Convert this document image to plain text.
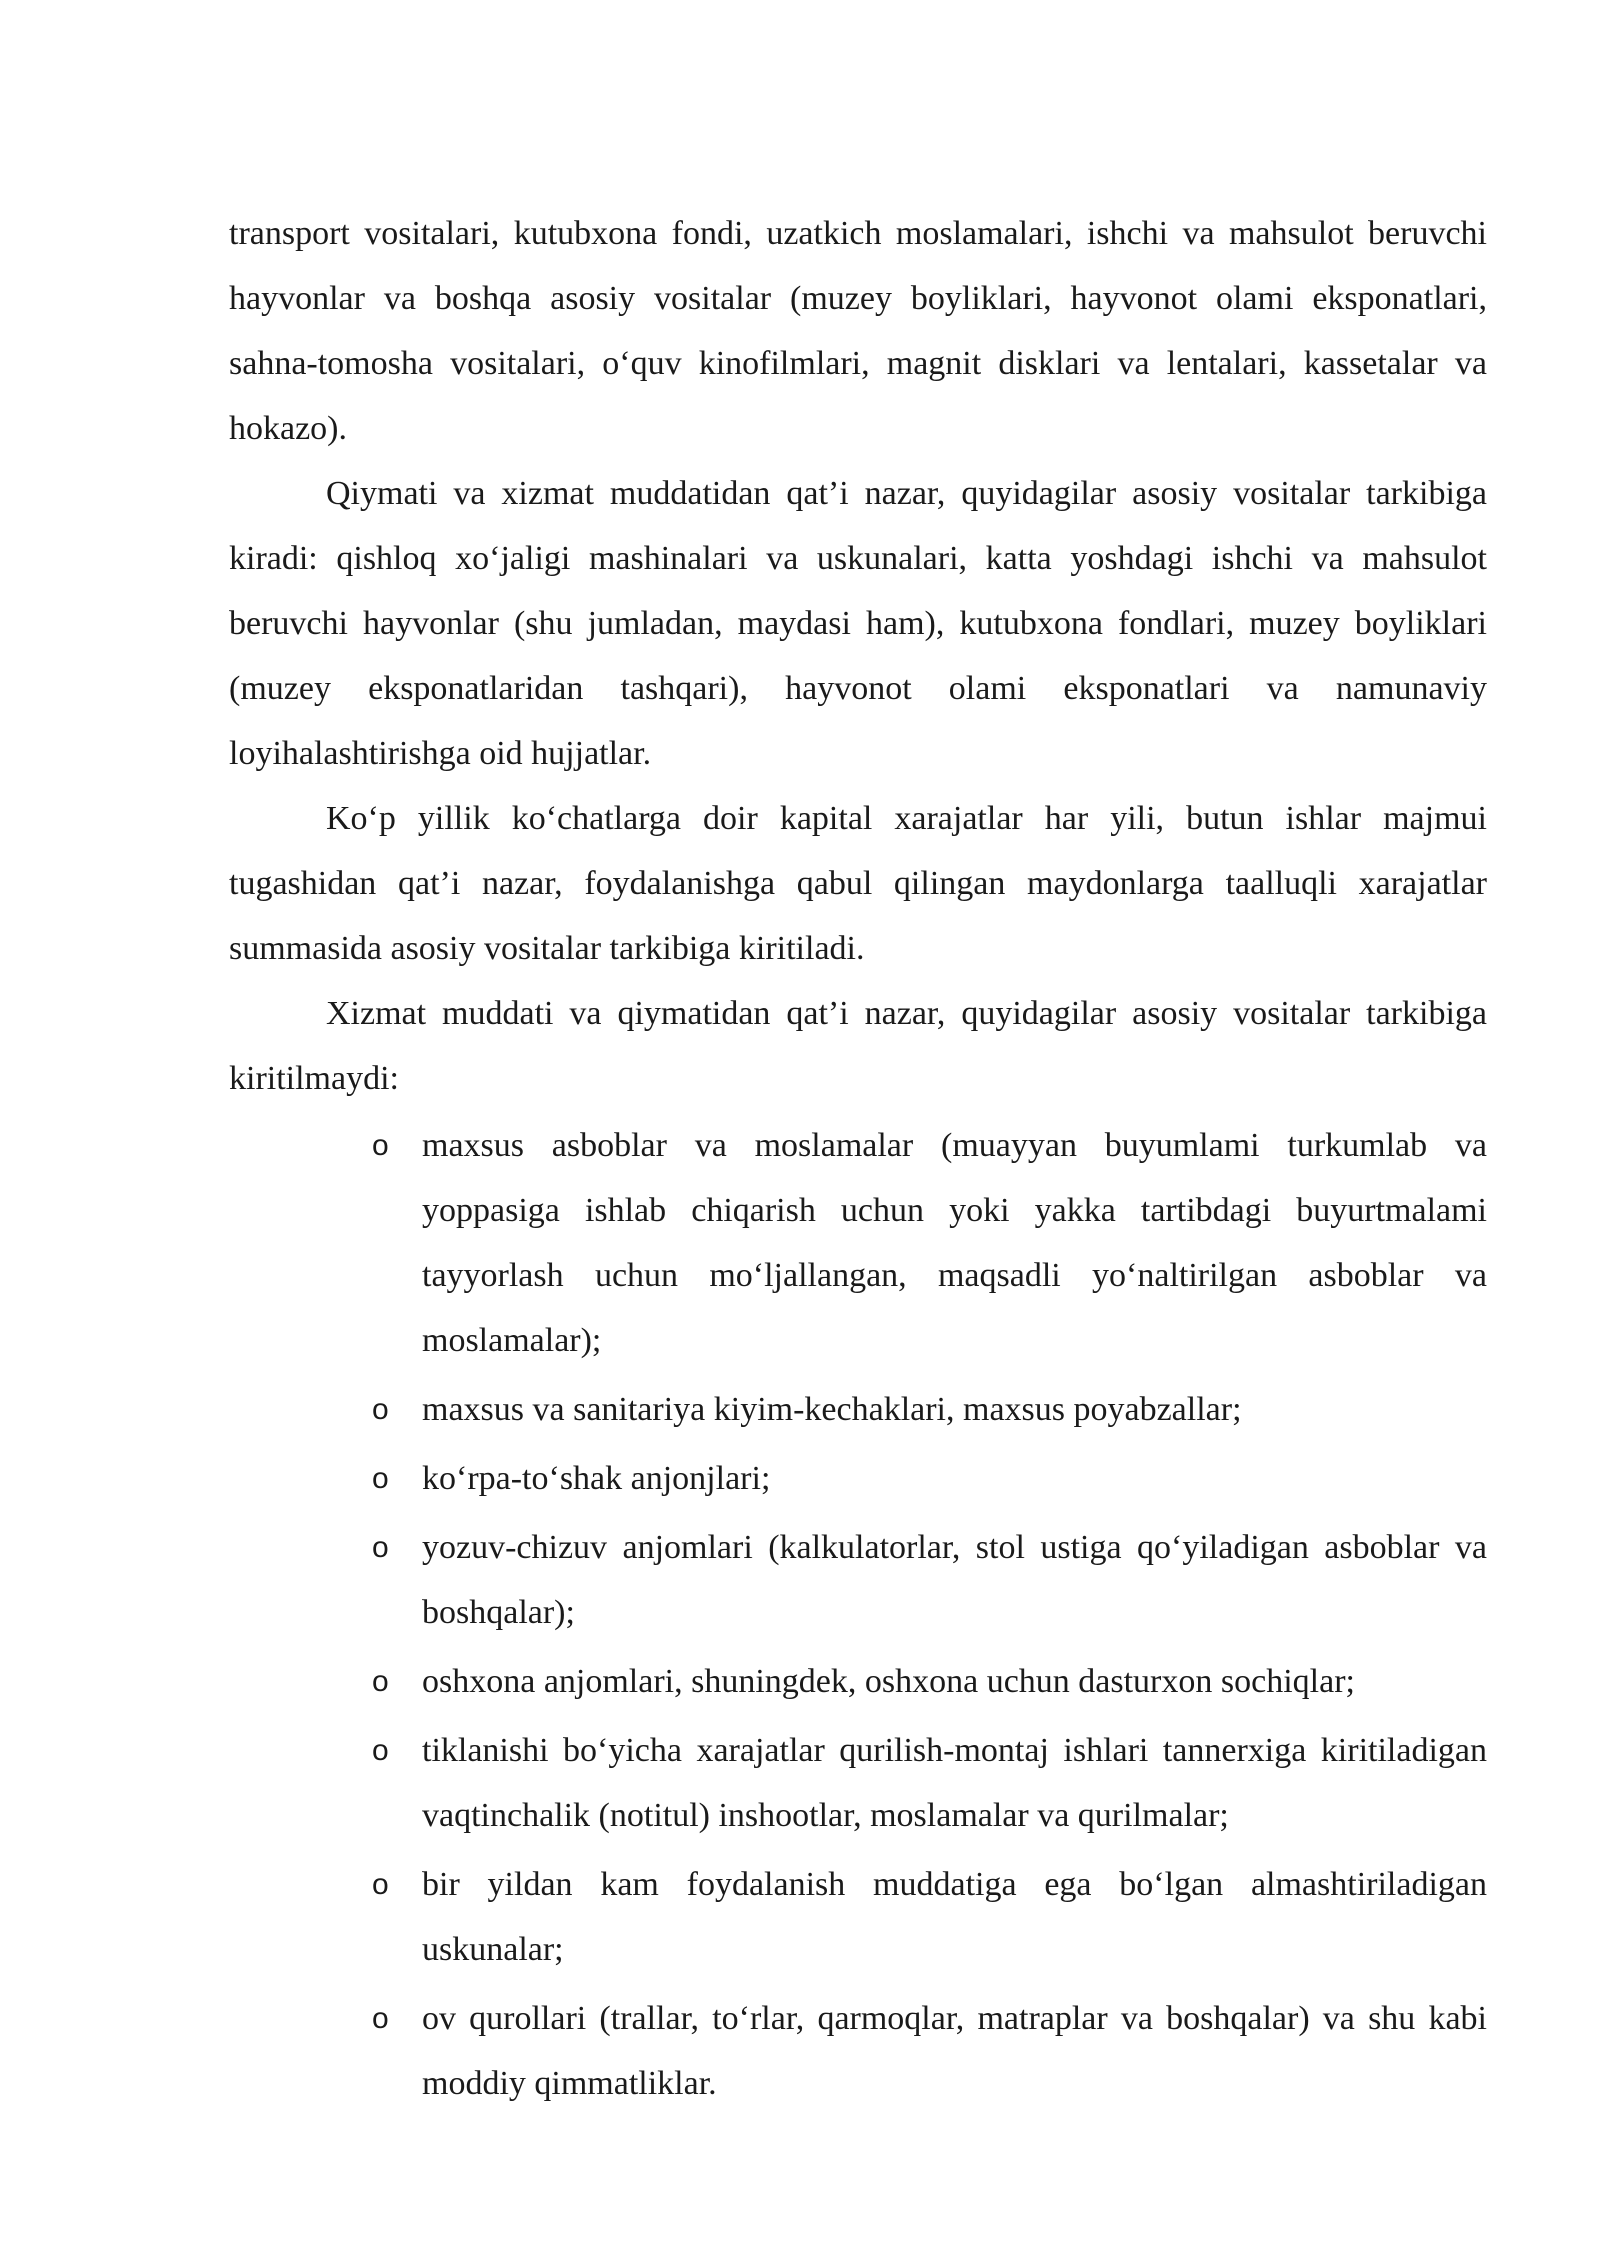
transport vositalari, kutubxona fondi, uzatkich moslamalari, ishchi va mahsulot beruvchi hayvonlar va boshqa asosiy vositalar (muzey boyliklari, hayvonot olami eksponatlari, sahna-tomosha vositalari, o‘quv kinofilmlari, magnit disklari va lentalari, kassetalar va hokazo).

Qiymati va xizmat muddatidan qat’i nazar, quyidagilar asosiy vositalar tarkibiga kiradi: qishloq xo‘jaligi mashinalari va uskunalari, katta yoshdagi ishchi va mahsulot beruvchi hayvonlar (shu jumladan, maydasi ham), kutubxona fondlari, muzey boyliklari (muzey eksponatlaridan tashqari), hayvonot olami eksponatlari va namunaviy loyihalashtirishga oid hujjatlar.

Ko‘p yillik ko‘chatlarga doir kapital xarajatlar har yili, butun ishlar majmui tugashidan qat’i nazar, foydalanishga qabul qilingan maydonlarga taalluqli xarajatlar summasida asosiy vositalar tarkibiga kiritiladi.

Xizmat muddati va qiymatidan qat’i nazar, quyidagilar asosiy vositalar tarkibiga kiritilmaydi:

o maxsus asboblar va moslamalar (muayyan buyumlami turkumlab va yoppasiga ishlab chiqarish uchun yoki yakka tartibdagi buyurtmalami tayyorlash uchun mo‘ljallangan, maqsadli yo‘naltirilgan asboblar va moslamalar);
o maxsus va sanitariya kiyim-kechaklari, maxsus poyabzallar;
o ko‘rpa-to‘shak anjonjlari;
o yozuv-chizuv anjomlari (kalkulatorlar, stol ustiga qo‘yiladigan asboblar va boshqalar);
o oshxona anjomlari, shuningdek, oshxona uchun dasturxon sochiqlar;
o tiklanishi bo‘yicha xarajatlar qurilish-montaj ishlari tannerxiga kiritiladigan vaqtinchalik (notitul) inshootlar, moslamalar va qurilmalar;
o bir yildan kam foydalanish muddatiga ega bo‘lgan almashtiriladigan uskunalar;
o ov qurollari (trallar, to‘rlar, qarmoqlar, matraplar va boshqalar) va shu kabi moddiy qimmatliklar.
